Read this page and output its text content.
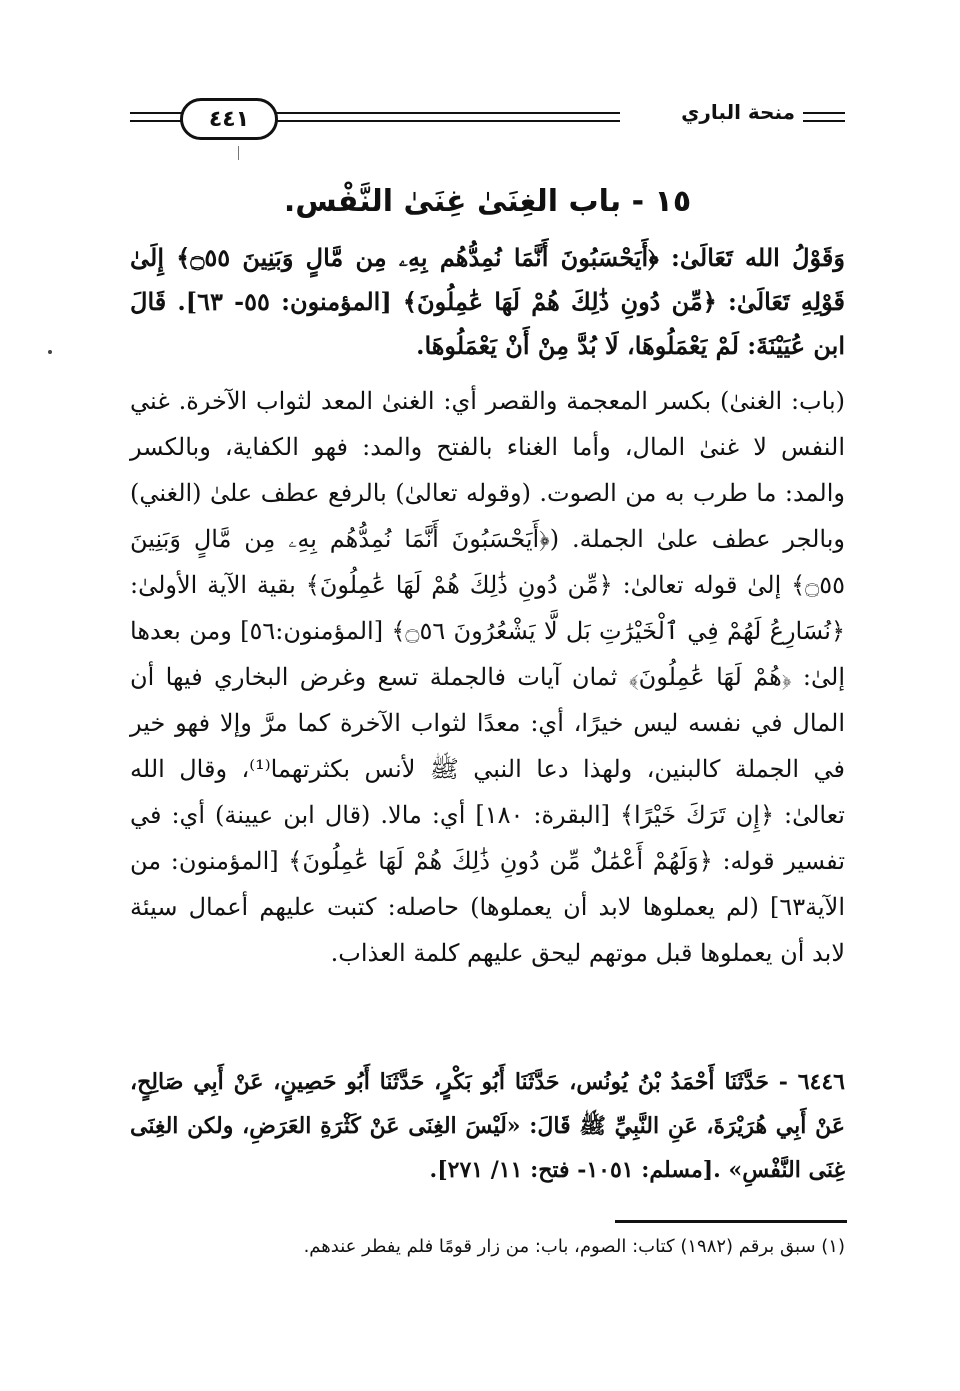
٤٤١	منحة الباري
١٥ - باب الغِنَىٰ غِنَىٰ النَّفْس.
وَقَوْلُ الله تَعَالَىٰ: ﴿أَيَحْسَبُونَ أَنَّمَا نُمِدُّهُم بِهِۦ مِن مَّالٍ وَبَنِينَ ۝٥٥﴾ إِلَىٰ قَوْلِهِ تَعَالَىٰ: ﴿مِّن دُونِ ذَٰلِكَ هُمْ لَهَا عَٰمِلُونَ﴾ [المؤمنون: ٥٥- ٦٣]. قَالَ ابن عُيَيْنَةَ: لَمْ يَعْمَلُوهَا، لَا بُدَّ مِنْ أَنْ يَعْمَلُوهَا.
(باب: الغنىٰ) بكسر المعجمة والقصر أي: الغنىٰ المعد لثواب الآخرة. غني النفس لا غنىٰ المال، وأما الغناء بالفتح والمد: فهو الكفاية، وبالكسر والمد: ما طرب به من الصوت. (وقوله تعالىٰ) بالرفع عطف علىٰ (الغني) وبالجر عطف علىٰ الجملة. (﴿أَيَحْسَبُونَ أَنَّمَا نُمِدُّهُم بِهِۦ مِن مَّالٍ وَبَنِينَ ۝٥٥﴾ إلىٰ قوله تعالىٰ: ﴿مِّن دُونِ ذَٰلِكَ هُمْ لَهَا عَٰمِلُونَ﴾ بقية الآية الأولىٰ: ﴿نُسَارِعُ لَهُمْ فِي ٱلْخَيْرَٰتِ بَل لَّا يَشْعُرُونَ ۝٥٦﴾ [المؤمنون:٥٦] ومن بعدها إلىٰ: ﴿هُمْ لَهَا عَٰمِلُونَ﴾ ثمان آيات فالجملة تسع وغرض البخاري فيها أن المال في نفسه ليس خيرًا، أي: معدًا لثواب الآخرة كما مرَّ وإلا فهو خير في الجملة كالبنين، ولهذا دعا النبي ﷺ لأنس بكثرتهما⁽¹⁾، وقال الله تعالىٰ: ﴿إِن تَرَكَ خَيْرًا﴾ [البقرة: ١٨٠] أي: مالا. (قال ابن عيينة) أي: في تفسير قوله: ﴿وَلَهُمْ أَعْمَٰلٌ مِّن دُونِ ذَٰلِكَ هُمْ لَهَا عَٰمِلُونَ﴾ [المؤمنون: من الآية٦٣] (لم يعملوها لابد أن يعملوها) حاصله: كتبت عليهم أعمال سيئة لابد أن يعملوها قبل موتهم ليحق عليهم كلمة العذاب.
٦٤٤٦ - حَدَّثَنَا أَحْمَدُ بْنُ يُونُس، حَدَّثَنَا أَبُو بَكْرٍ، حَدَّثَنَا أَبُو حَصِينٍ، عَنْ أَبِي صَالِحٍ، عَنْ أَبِي هُرَيْرَةَ، عَنِ النَّبِيِّ ﷺ قَالَ: «لَيْسَ الغِنَى عَنْ كَثْرَةِ العَرَضِ، ولكن الغِنَى غِنَى النَّفْسِ» .[مسلم: ١٠٥١- فتح: ١١/ ٢٧١].
(١) سبق برقم (١٩٨٢) كتاب: الصوم، باب: من زار قومًا فلم يفطر عندهم.
